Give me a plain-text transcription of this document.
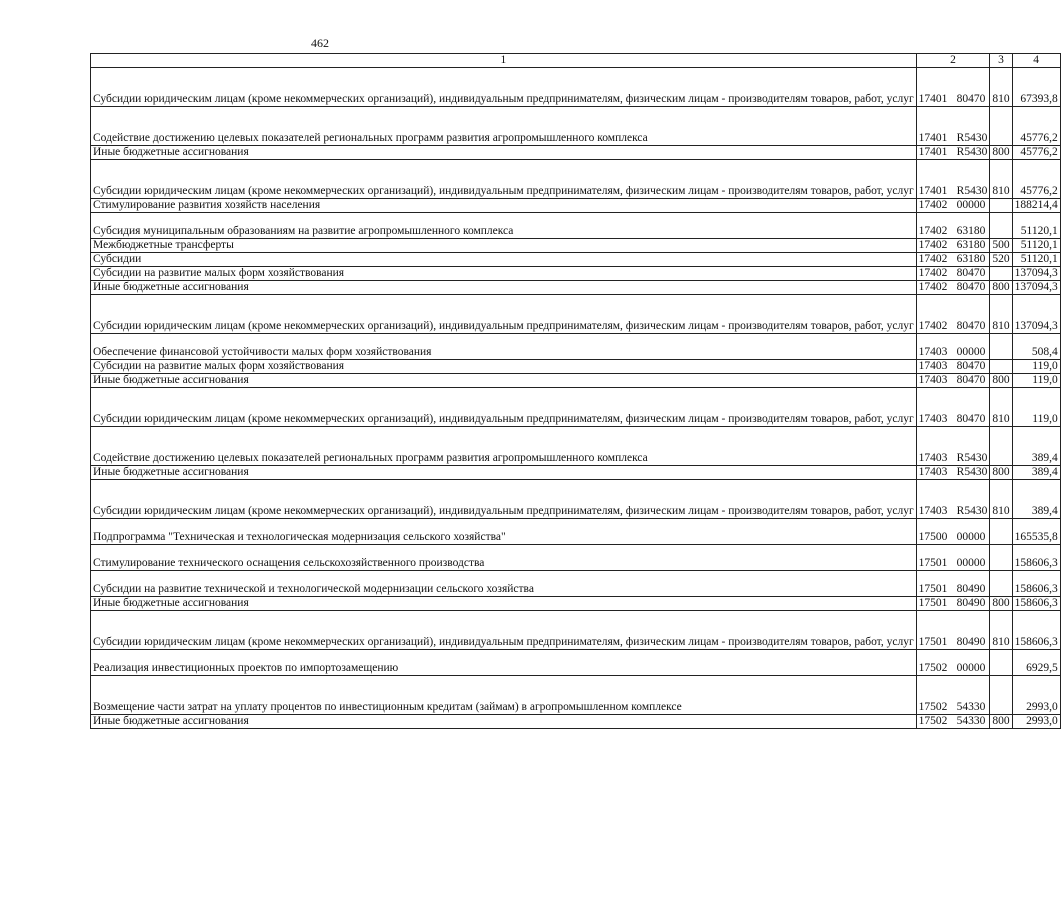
462
1	2	3	4
Субсидии юридическим лицам (кроме некоммерческих организаций), индивидуальным предпринимателям, физическим лицам - производителям товаров, работ, услуг	17401 80470	810	67393,8
Содействие достижению целевых показателей региональных программ развития агропромышленного комплекса	17401 R5430		45776,2
Иные бюджетные ассигнования	17401 R5430	800	45776,2
Субсидии юридическим лицам (кроме некоммерческих организаций), индивидуальным предпринимателям, физическим лицам - производителям товаров, работ, услуг	17401 R5430	810	45776,2
Стимулирование развития хозяйств населения	17402 00000		188214,4
Субсидия муниципальным образованиям на развитие агропромышленного комплекса	17402 63180		51120,1
Межбюджетные трансферты	17402 63180	500	51120,1
Субсидии	17402 63180	520	51120,1
Субсидии на развитие малых форм хозяйствования	17402 80470		137094,3
Иные бюджетные ассигнования	17402 80470	800	137094,3
Субсидии юридическим лицам (кроме некоммерческих организаций), индивидуальным предпринимателям, физическим лицам - производителям товаров, работ, услуг	17402 80470	810	137094,3
Обеспечение финансовой устойчивости малых форм хозяйствования	17403 00000		508,4
Субсидии на развитие малых форм хозяйствования	17403 80470		119,0
Иные бюджетные ассигнования	17403 80470	800	119,0
Субсидии юридическим лицам (кроме некоммерческих организаций), индивидуальным предпринимателям, физическим лицам - производителям товаров, работ, услуг	17403 80470	810	119,0
Содействие достижению целевых показателей региональных программ развития агропромышленного комплекса	17403 R5430		389,4
Иные бюджетные ассигнования	17403 R5430	800	389,4
Субсидии юридическим лицам (кроме некоммерческих организаций), индивидуальным предпринимателям, физическим лицам - производителям товаров, работ, услуг	17403 R5430	810	389,4
Подпрограмма "Техническая и технологическая модернизация сельского хозяйства"	17500 00000		165535,8
Стимулирование технического оснащения сельскохозяйственного производства	17501 00000		158606,3
Субсидии на развитие технической и технологической модернизации сельского хозяйства	17501 80490		158606,3
Иные бюджетные ассигнования	17501 80490	800	158606,3
Субсидии юридическим лицам (кроме некоммерческих организаций), индивидуальным предпринимателям, физическим лицам - производителям товаров, работ, услуг	17501 80490	810	158606,3
Реализация инвестиционных проектов по импортозамещению	17502 00000		6929,5
Возмещение части затрат на уплату процентов по инвестиционным кредитам (займам) в агропромышленном комплексе	17502 54330		2993,0
Иные бюджетные ассигнования	17502 54330	800	2993,0
